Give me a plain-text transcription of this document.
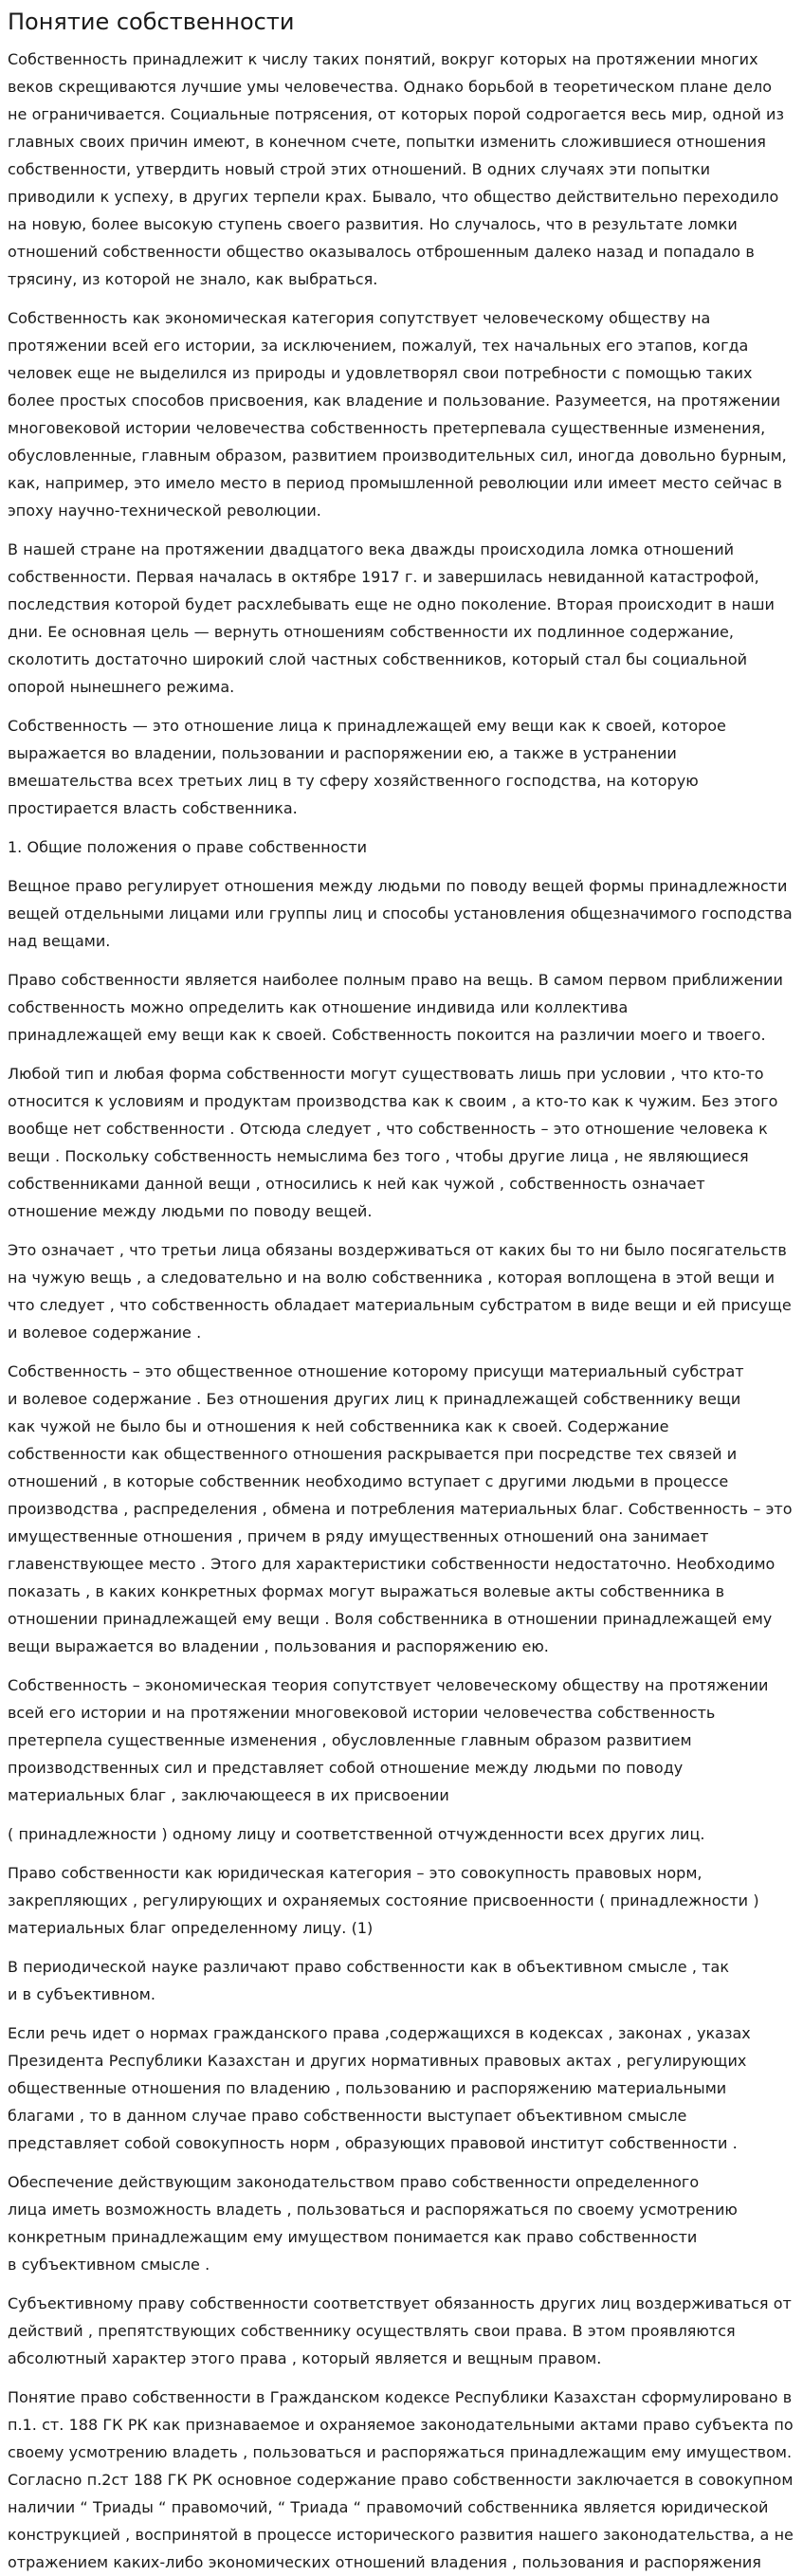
Понятие собственности

Собственность принадлежит к числу таких понятий, вокруг которых на протяжении многих
веков скрещиваются лучшие умы человечества. Однако борьбой в теоретическом плане дело
не ограничивается. Социальные потрясения, от которых порой содрогается весь мир, одной из
главных своих причин имеют, в конечном счете, попытки изменить сложившиеся отношения
собственности, утвердить новый строй этих отношений. В одних случаях эти попытки
приводили к успеху, в других терпели крах. Бывало, что общество действительно переходило
на новую, более высокую ступень своего развития. Но случалось, что в результате ломки
отношений собственности общество оказывалось отброшенным далеко назад и попадало в
трясину, из которой не знало, как выбраться.

Собственность как экономическая категория сопутствует человеческому обществу на
протяжении всей его истории, за исключением, пожалуй, тех начальных его этапов, когда
человек еще не выделился из природы и удовлетворял свои потребности с помощью таких
более простых способов присвоения, как владение и пользование. Разумеется, на протяжении
многовековой истории человечества собственность претерпевала существенные изменения,
обусловленные, главным образом, развитием производительных сил, иногда довольно бурным,
как, например, это имело место в период промышленной революции или имеет место сейчас в
эпоху научно-технической революции.

В нашей стране на протяжении двадцатого века дважды происходила ломка отношений
собственности. Первая началась в октябре 1917 г. и завершилась невиданной катастрофой,
последствия которой будет расхлебывать еще не одно поколение. Вторая происходит в наши
дни. Ее основная цель — вернуть отношениям собственности их подлинное содержание,
сколотить достаточно широкий слой частных собственников, который стал бы социальной
опорой нынешнего режима.

Собственность — это отношение лица к принадлежащей ему вещи как к своей, которое
выражается во владении, пользовании и распоряжении ею, а также в устранении
вмешательства всех третьих лиц в ту сферу хозяйственного господства, на которую
простирается власть собственника.

1. Общие положения о праве собственности

Вещное право регулирует отношения между людьми по поводу вещей формы принадлежности
вещей отдельными лицами или группы лиц и способы установления общезначимого господства
над вещами.

Право собственности является наиболее полным право на вещь. В самом первом приближении
собственность можно определить как отношение индивида или коллектива
принадлежащей ему вещи как к своей. Собственность покоится на различии моего и твоего.

Любой тип и любая форма собственности могут существовать лишь при условии , что кто-то
относится к условиям и продуктам производства как к своим , а кто-то как к чужим. Без этого
вообще нет собственности . Отсюда следует , что собственность – это отношение человека к
вещи . Поскольку собственность немыслима без того , чтобы другие лица , не являющиеся
собственниками данной вещи , относились к ней как чужой , собственность означает
отношение между людьми по поводу вещей.

Это означает , что третьи лица обязаны воздерживаться от каких бы то ни было посягательств
на чужую вещь , а следовательно и на волю собственника , которая воплощена в этой вещи и
что следует , что собственность обладает материальным субстратом в виде вещи и ей присуще
и волевое содержание .

Собственность – это общественное отношение которому присущи материальный субстрат
и волевое содержание . Без отношения других лиц к принадлежащей собственнику вещи
как чужой не было бы и отношения к ней собственника как к своей. Содержание
собственности как общественного отношения раскрывается при посредстве тех связей и
отношений , в которые собственник необходимо вступает с другими людьми в процессе
производства , распределения , обмена и потребления материальных благ. Собственность – это
имущественные отношения , причем в ряду имущественных отношений она занимает
главенствующее место . Этого для характеристики собственности недостаточно. Необходимо
показать , в каких конкретных формах могут выражаться волевые акты собственника в
отношении принадлежащей ему вещи . Воля собственника в отношении принадлежащей ему
вещи выражается во владении , пользования и распоряжению ею.

Собственность – экономическая теория сопутствует человеческому обществу на протяжении
всей его истории и на протяжении многовековой истории человечества собственность
претерпела существенные изменения , обусловленные главным образом развитием
производственных сил и представляет собой отношение между людьми по поводу
материальных благ , заключающееся в их присвоении

( принадлежности ) одному лицу и соответственной отчужденности всех других лиц.

Право собственности как юридическая категория – это совокупность правовых норм,
закрепляющих , регулирующих и охраняемых состояние присвоенности ( принадлежности )
материальных благ определенному лицу. (1)

В периодической науке различают право собственности как в объективном смысле , так
и в субъективном.

Если речь идет о нормах гражданского права ,содержащихся в кодексах , законах , указах
Президента Республики Казахстан и других нормативных правовых актах , регулирующих
общественные отношения по владению , пользованию и распоряжению материальными
благами , то в данном случае право собственности выступает объективном смысле
представляет собой совокупность норм , образующих правовой институт собственности .

Обеспечение действующим законодательством право собственности определенного
лица иметь возможность владеть , пользоваться и распоряжаться по своему усмотрению
конкретным принадлежащим ему имуществом понимается как право собственности
в субъективном смысле .

Субъективному праву собственности соответствует обязанность других лиц воздерживаться от
действий , препятствующих собственнику осуществлять свои права. В этом проявляются
абсолютный характер этого права , который является и вещным правом.

Понятие право собственности в Гражданском кодексе Республики Казахстан сформулировано в
п.1. ст. 188 ГК РК как признаваемое и охраняемое законодательными актами право субъекта по
своему усмотрению владеть , пользоваться и распоряжаться принадлежащим ему имуществом.
Согласно п.2ст 188 ГК РК основное содержание право собственности заключается в совокупном
наличии “ Триады “ правомочий, “ Триада “ правомочий собственника является юридической
конструкцией , воспринятой в процессе исторического развития нашего законодательства, а не
отражением каких-либо экономических отношений владения , пользования и распоряжения
